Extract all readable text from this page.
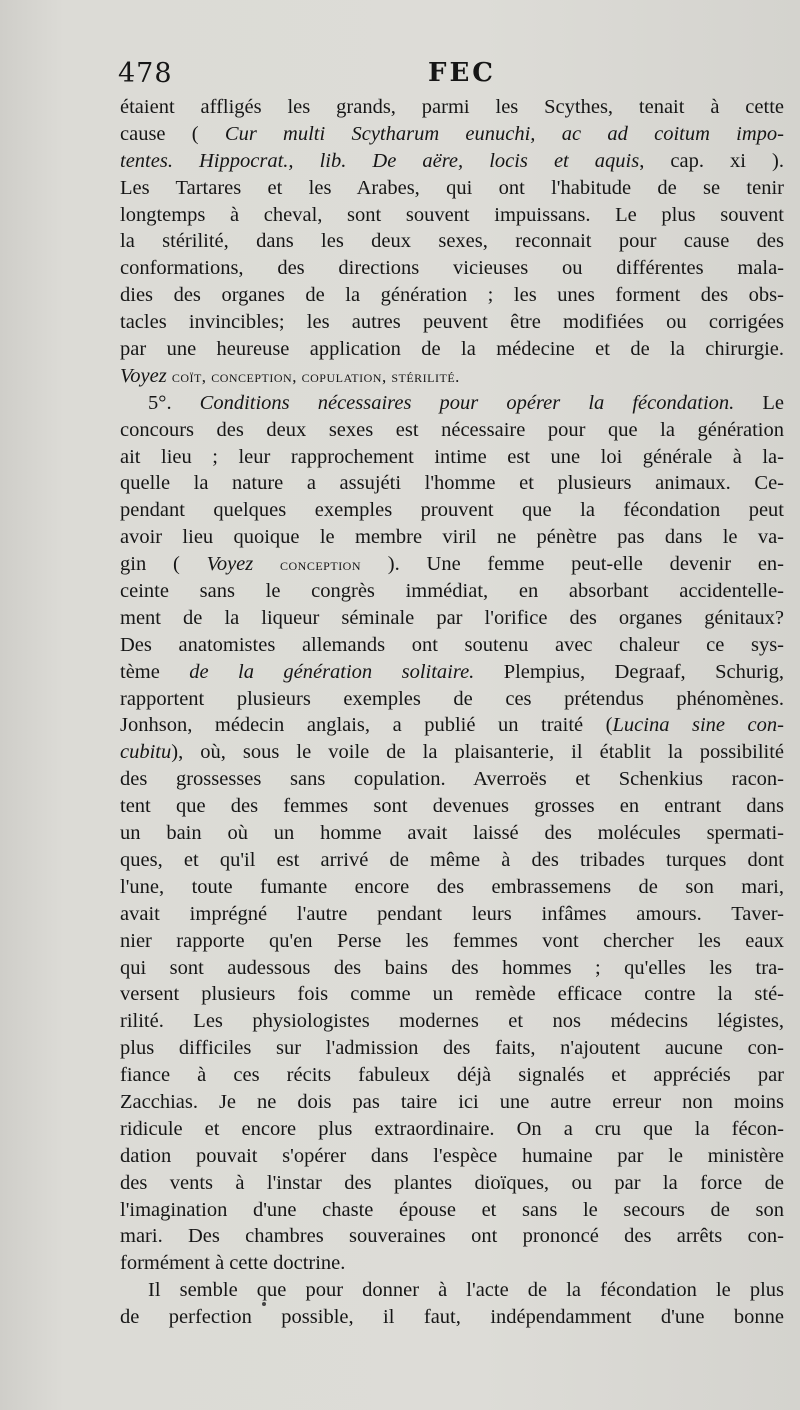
478	FEC
étaient affligés les grands, parmi les Scythes, tenait à cette
cause ( Cur multi Scytharum eunuchi, ac ad coitum impo-
tentes. Hippocrat., lib. De aëre, locis et aquis, cap. xi ).
Les Tartares et les Arabes, qui ont l'habitude de se tenir
longtemps à cheval, sont souvent impuissans. Le plus souvent
la stérilité, dans les deux sexes, reconnait pour cause des
conformations, des directions vicieuses ou différentes mala-
dies des organes de la génération ; les unes forment des obs-
tacles invincibles; les autres peuvent être modifiées ou corrigées
par une heureuse application de la médecine et de la chirurgie.
Voyez coït, conception, copulation, stérilité.
5°. Conditions nécessaires pour opérer la fécondation. Le
concours des deux sexes est nécessaire pour que la génération
ait lieu ; leur rapprochement intime est une loi générale à la-
quelle la nature a assujéti l'homme et plusieurs animaux. Ce-
pendant quelques exemples prouvent que la fécondation peut
avoir lieu quoique le membre viril ne pénètre pas dans le va-
gin ( Voyez conception ). Une femme peut-elle devenir en-
ceinte sans le congrès immédiat, en absorbant accidentelle-
ment de la liqueur séminale par l'orifice des organes génitaux?
Des anatomistes allemands ont soutenu avec chaleur ce sys-
tème de la génération solitaire. Plempius, Degraaf, Schurig,
rapportent plusieurs exemples de ces prétendus phénomènes.
Jonhson, médecin anglais, a publié un traité (Lucina sine con-
cubitu), où, sous le voile de la plaisanterie, il établit la possibilité
des grossesses sans copulation. Averroës et Schenkius racon-
tent que des femmes sont devenues grosses en entrant dans
un bain où un homme avait laissé des molécules spermati-
ques, et qu'il est arrivé de même à des tribades turques dont
l'une, toute fumante encore des embrassemens de son mari,
avait imprégné l'autre pendant leurs infâmes amours. Taver-
nier rapporte qu'en Perse les femmes vont chercher les eaux
qui sont audessous des bains des hommes ; qu'elles les tra-
versent plusieurs fois comme un remède efficace contre la sté-
rilité. Les physiologistes modernes et nos médecins légistes,
plus difficiles sur l'admission des faits, n'ajoutent aucune con-
fiance à ces récits fabuleux déjà signalés et appréciés par
Zacchias. Je ne dois pas taire ici une autre erreur non moins
ridicule et encore plus extraordinaire. On a cru que la fécon-
dation pouvait s'opérer dans l'espèce humaine par le ministère
des vents à l'instar des plantes dioïques, ou par la force de
l'imagination d'une chaste épouse et sans le secours de son
mari. Des chambres souveraines ont prononcé des arrêts con-
formément à cette doctrine.
Il semble que pour donner à l'acte de la fécondation le plus
de perfection possible, il faut, indépendamment d'une bonne
